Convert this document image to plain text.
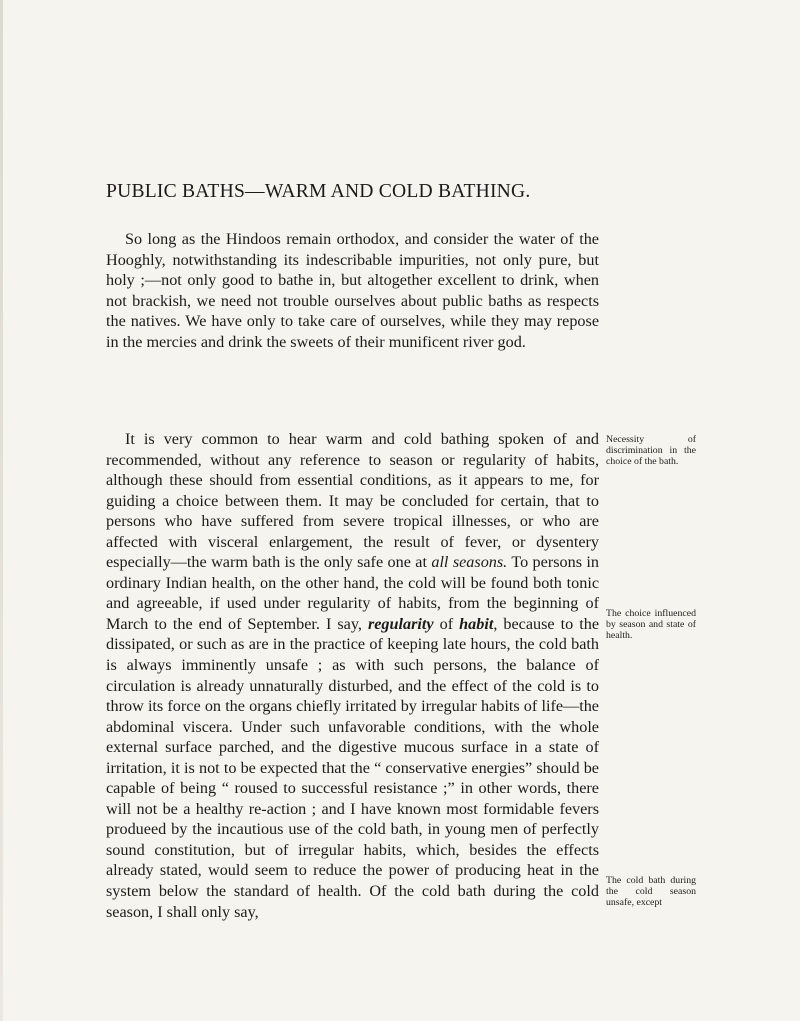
PUBLIC BATHS—WARM AND COLD BATHING.

So long as the Hindoos remain orthodox, and consider the water of the Hooghly, notwithstanding its indescribable impurities, not only pure, but holy ;—not only good to bathe in, but altogether excellent to drink, when not brackish, we need not trouble ourselves about public baths as respects the natives. We have only to take care of ourselves, while they may repose in the mercies and drink the sweets of their munificent river god.

It is very common to hear warm and cold bathing spoken of and recommended, without any reference to season or regularity of habits, although these should from essential conditions, as it appears to me, for guiding a choice between them. It may be concluded for certain, that to persons who have suffered from severe tropical illnesses, or who are affected with visceral enlargement, the result of fever, or dysentery especially—the warm bath is the only safe one at all seasons. To persons in ordinary Indian health, on the other hand, the cold will be found both tonic and agreeable, if used under regularity of habits, from the beginning of March to the end of September. I say, regularity of habit, because to the dissipated, or such as are in the practice of keeping late hours, the cold bath is always imminently unsafe ; as with such persons, the balance of circulation is already unnaturally disturbed, and the effect of the cold is to throw its force on the organs chiefly irritated by irregular habits of life—the abdominal viscera. Under such unfavorable conditions, with the whole external surface parched, and the digestive mucous surface in a state of irritation, it is not to be expected that the “ conservative energies” should be capable of being “ roused to successful resistance ;” in other words, there will not be a healthy re-action ; and I have known most formidable fevers produeed by the incautious use of the cold bath, in young men of perfectly sound constitution, but of irregular habits, which, besides the effects already stated, would seem to reduce the power of producing heat in the system below the standard of health. Of the cold bath during the cold season, I shall only say,

Necessity of discrimination in the choice of the bath.
The choice influenced by season and state of health.
The cold bath during the cold season unsafe, except
